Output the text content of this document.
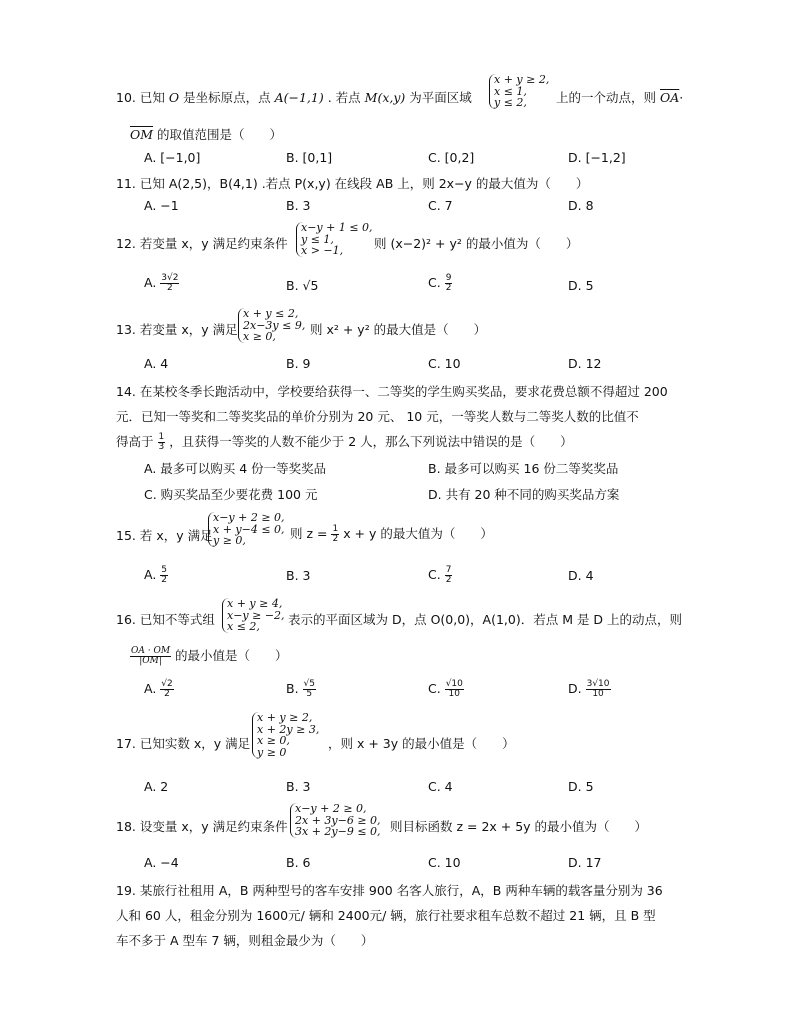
10. 已知 O 是坐标原点，点 A(−1,1) . 若点 M(x,y) 为平面区域
x + y ≥ 2,
x ≤ 1,
y ≤ 2,	上的一个动点，则 $\overline{OA}\cdot$
$\overline{OM}$ 的取值范围是（　　）
A. [−1,0]	B. [0,1]	C. [0,2]	D. [−1,2]
11. 已知 A(2,5)，B(4,1) .若点 P(x,y) 在线段 AB 上，则 2x−y 的最大值为（　　）
A. −1	B. 3	C. 7	D. 8
12. 若变量 x，y 满足约束条件
x−y + 1 ≤ 0,
y ≤ 1,
x > −1,	则 (x−2)² + y² 的最小值为（　　）
A. $\frac{3√2}{2}$	B. √5	C. $\frac{9}{2}$	D. 5
13. 若变量 x，y 满足
x + y ≤ 2,
2x−3y ≤ 9,
x ≥ 0,	则 x² + y² 的最大值是（　　）
A. 4	B. 9	C. 10	D. 12
14. 在某校冬季长跑活动中，学校要给获得一、二等奖的学生购买奖品，要求花费总额不得超过 200
元．已知一等奖和二等奖奖品的单价分别为 20 元、 10 元，一等奖人数与二等奖人数的比值不
得高于 $\frac{1}{3}$ ，且获得一等奖的人数不能少于 2 人，那么下列说法中错误的是（　　）
A. 最多可以购买 4 份一等奖奖品	B. 最多可以购买 16 份二等奖奖品
C. 购买奖品至少要花费 100 元	D. 共有 20 种不同的购买奖品方案
15. 若 x，y 满足
x−y + 2 ≥ 0,
x + y−4 ≤ 0,
y ≥ 0,	则 $z = \frac{1}{2}$ x + y 的最大值为（　　）
A. $\frac{5}{2}$	B. 3	C. $\frac{7}{2}$	D. 4
16. 已知不等式组
x + y ≥ 4,
x−y ≥ −2,
x ≤ 2,	表示的平面区域为 D，点 O(0,0)，A(1,0)．若点 M 是 D 上的动点，则
$\frac{OA \cdot OM}{|OM|}$ 的最小值是（　　）
A. $\frac{√2}{2}$	B. $\frac{√5}{5}$	C. $\frac{√10}{10}$	D. $\frac{3√10}{10}$
17. 已知实数 x，y 满足
x + y ≥ 2,
x + 2y ≥ 3,
x ≥ 0,
y ≥ 0
，则 x + 3y 的最小值是（　　）
A. 2	B. 3	C. 4	D. 5
18. 设变量 x，y 满足约束条件
x−y + 2 ≥ 0,
2x + 3y−6 ≥ 0,
3x + 2y−9 ≤ 0, 则目标函数 z = 2x + 5y 的最小值为（　　）
A. −4	B. 6	C. 10	D. 17
19. 某旅行社租用 A，B 两种型号的客车安排 900 名客人旅行，A，B 两种车辆的载客量分别为 36
人和 60 人，租金分别为 1600元/ 辆和 2400元/ 辆，旅行社要求租车总数不超过 21 辆，且 B 型
车不多于 A 型车 7 辆，则租金最少为（　　）
